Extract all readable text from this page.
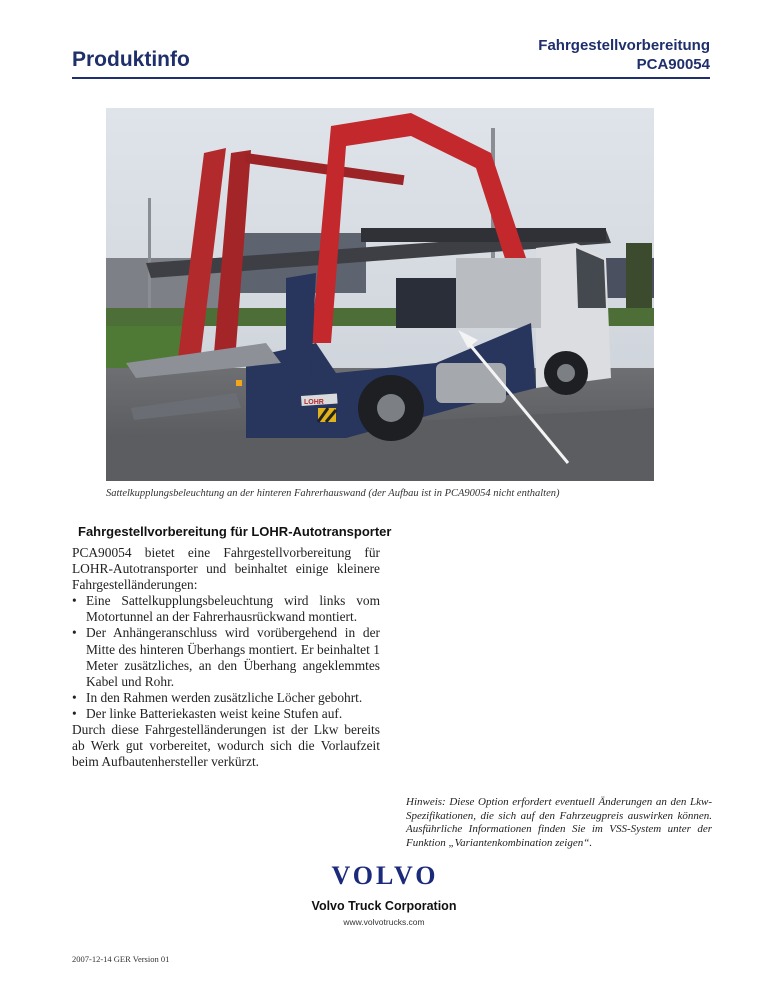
Produktinfo
Fahrgestellvorbereitung
PCA90054
LOHR
Sattelkupplungsbeleuchtung an der hinteren Fahrerhauswand (der Aufbau ist in PCA90054 nicht enthalten)
Fahrgestellvorbereitung für LOHR-Autotransporter

PCA90054 bietet eine Fahrgestellvorbereitung für LOHR-Autotransporter und beinhaltet einige kleinere Fahrgestelländerungen:

• Eine Sattelkupplungsbeleuchtung wird links vom Motortunnel an der Fahrerhausrückwand montiert.
• Der Anhängeranschluss wird vorübergehend in der Mitte des hinteren Überhangs montiert. Er beinhaltet 1 Meter zusätzliches, an den Überhang angeklemmtes Kabel und Rohr.
• In den Rahmen werden zusätzliche Löcher gebohrt.
• Der linke Batteriekasten weist keine Stufen auf.

Durch diese Fahrgestelländerungen ist der Lkw bereits ab Werk gut vorbereitet, wodurch sich die Vorlaufzeit beim Aufbautenhersteller verkürzt.

Hinweis: Diese Option erfordert eventuell Änderungen an den Lkw-Spezifikationen, die sich auf den Fahrzeugpreis auswirken können. Ausführliche Informationen finden Sie im VSS-System unter der Funktion „Variantenkombination zeigen“.
VOLVO
Volvo Truck Corporation
www.volvotrucks.com
2007-12-14 GER Version 01
